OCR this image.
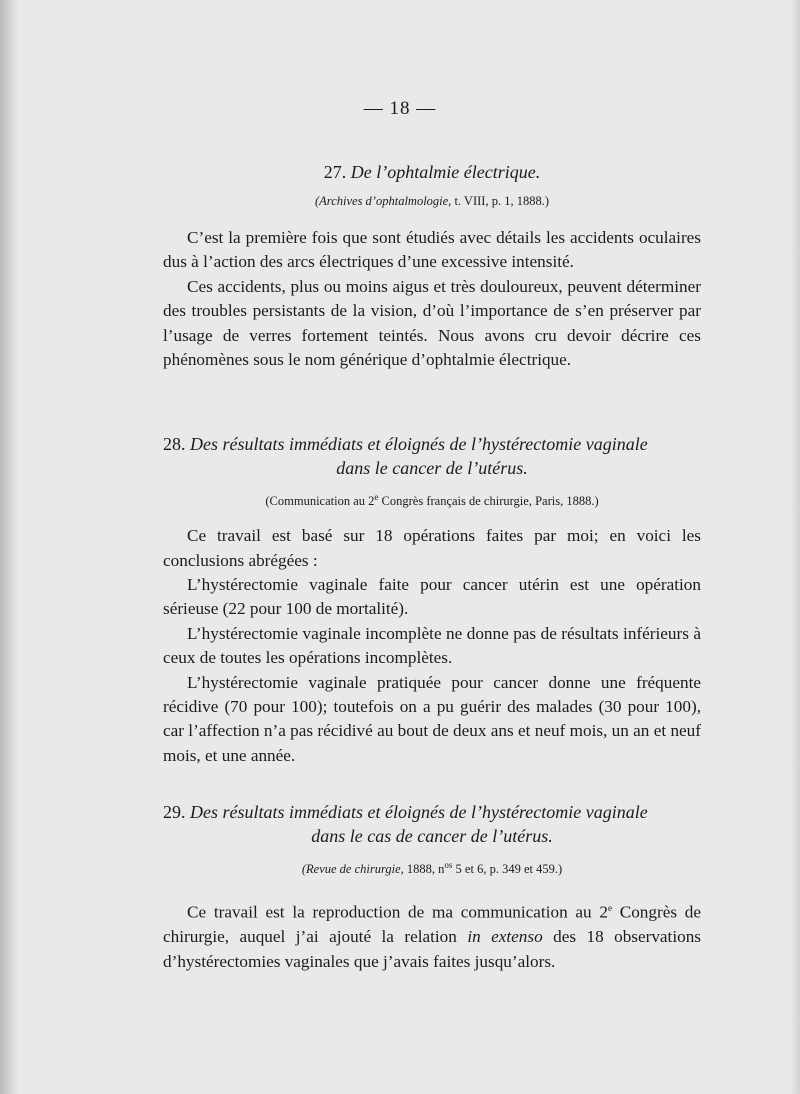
— 18 —
27. De l’ophtalmie électrique.
(Archives d’ophtalmologie, t. VIII, p. 1, 1888.)

C’est la première fois que sont étudiés avec détails les accidents oculaires dus à l’action des arcs électriques d’une excessive intensité.

Ces accidents, plus ou moins aigus et très douloureux, peuvent déterminer des troubles persistants de la vision, d’où l’importance de s’en préserver par l’usage de verres fortement teintés. Nous avons cru devoir décrire ces phénomènes sous le nom générique d’ophtalmie électrique.

28. Des résultats immédiats et éloignés de l’hystérectomie vaginale
dans le cancer de l’utérus.
(Communication au 2e Congrès français de chirurgie, Paris, 1888.)

Ce travail est basé sur 18 opérations faites par moi; en voici les conclusions abrégées :

L’hystérectomie vaginale faite pour cancer utérin est une opération sérieuse (22 pour 100 de mortalité).

L’hystérectomie vaginale incomplète ne donne pas de résultats inférieurs à ceux de toutes les opérations incomplètes.

L’hystérectomie vaginale pratiquée pour cancer donne une fréquente récidive (70 pour 100); toutefois on a pu guérir des malades (30 pour 100), car l’affection n’a pas récidivé au bout de deux ans et neuf mois, un an et neuf mois, et une année.

29. Des résultats immédiats et éloignés de l’hystérectomie vaginale
dans le cas de cancer de l’utérus.
(Revue de chirurgie, 1888, $n^{os}$ 5 et 6, p. 349 et 459.)

Ce travail est la reproduction de ma communication au 2e Congrès de chirurgie, auquel j’ai ajouté la relation in extenso des 18 observations d’hystérectomies vaginales que j’avais faites jusqu’alors.
